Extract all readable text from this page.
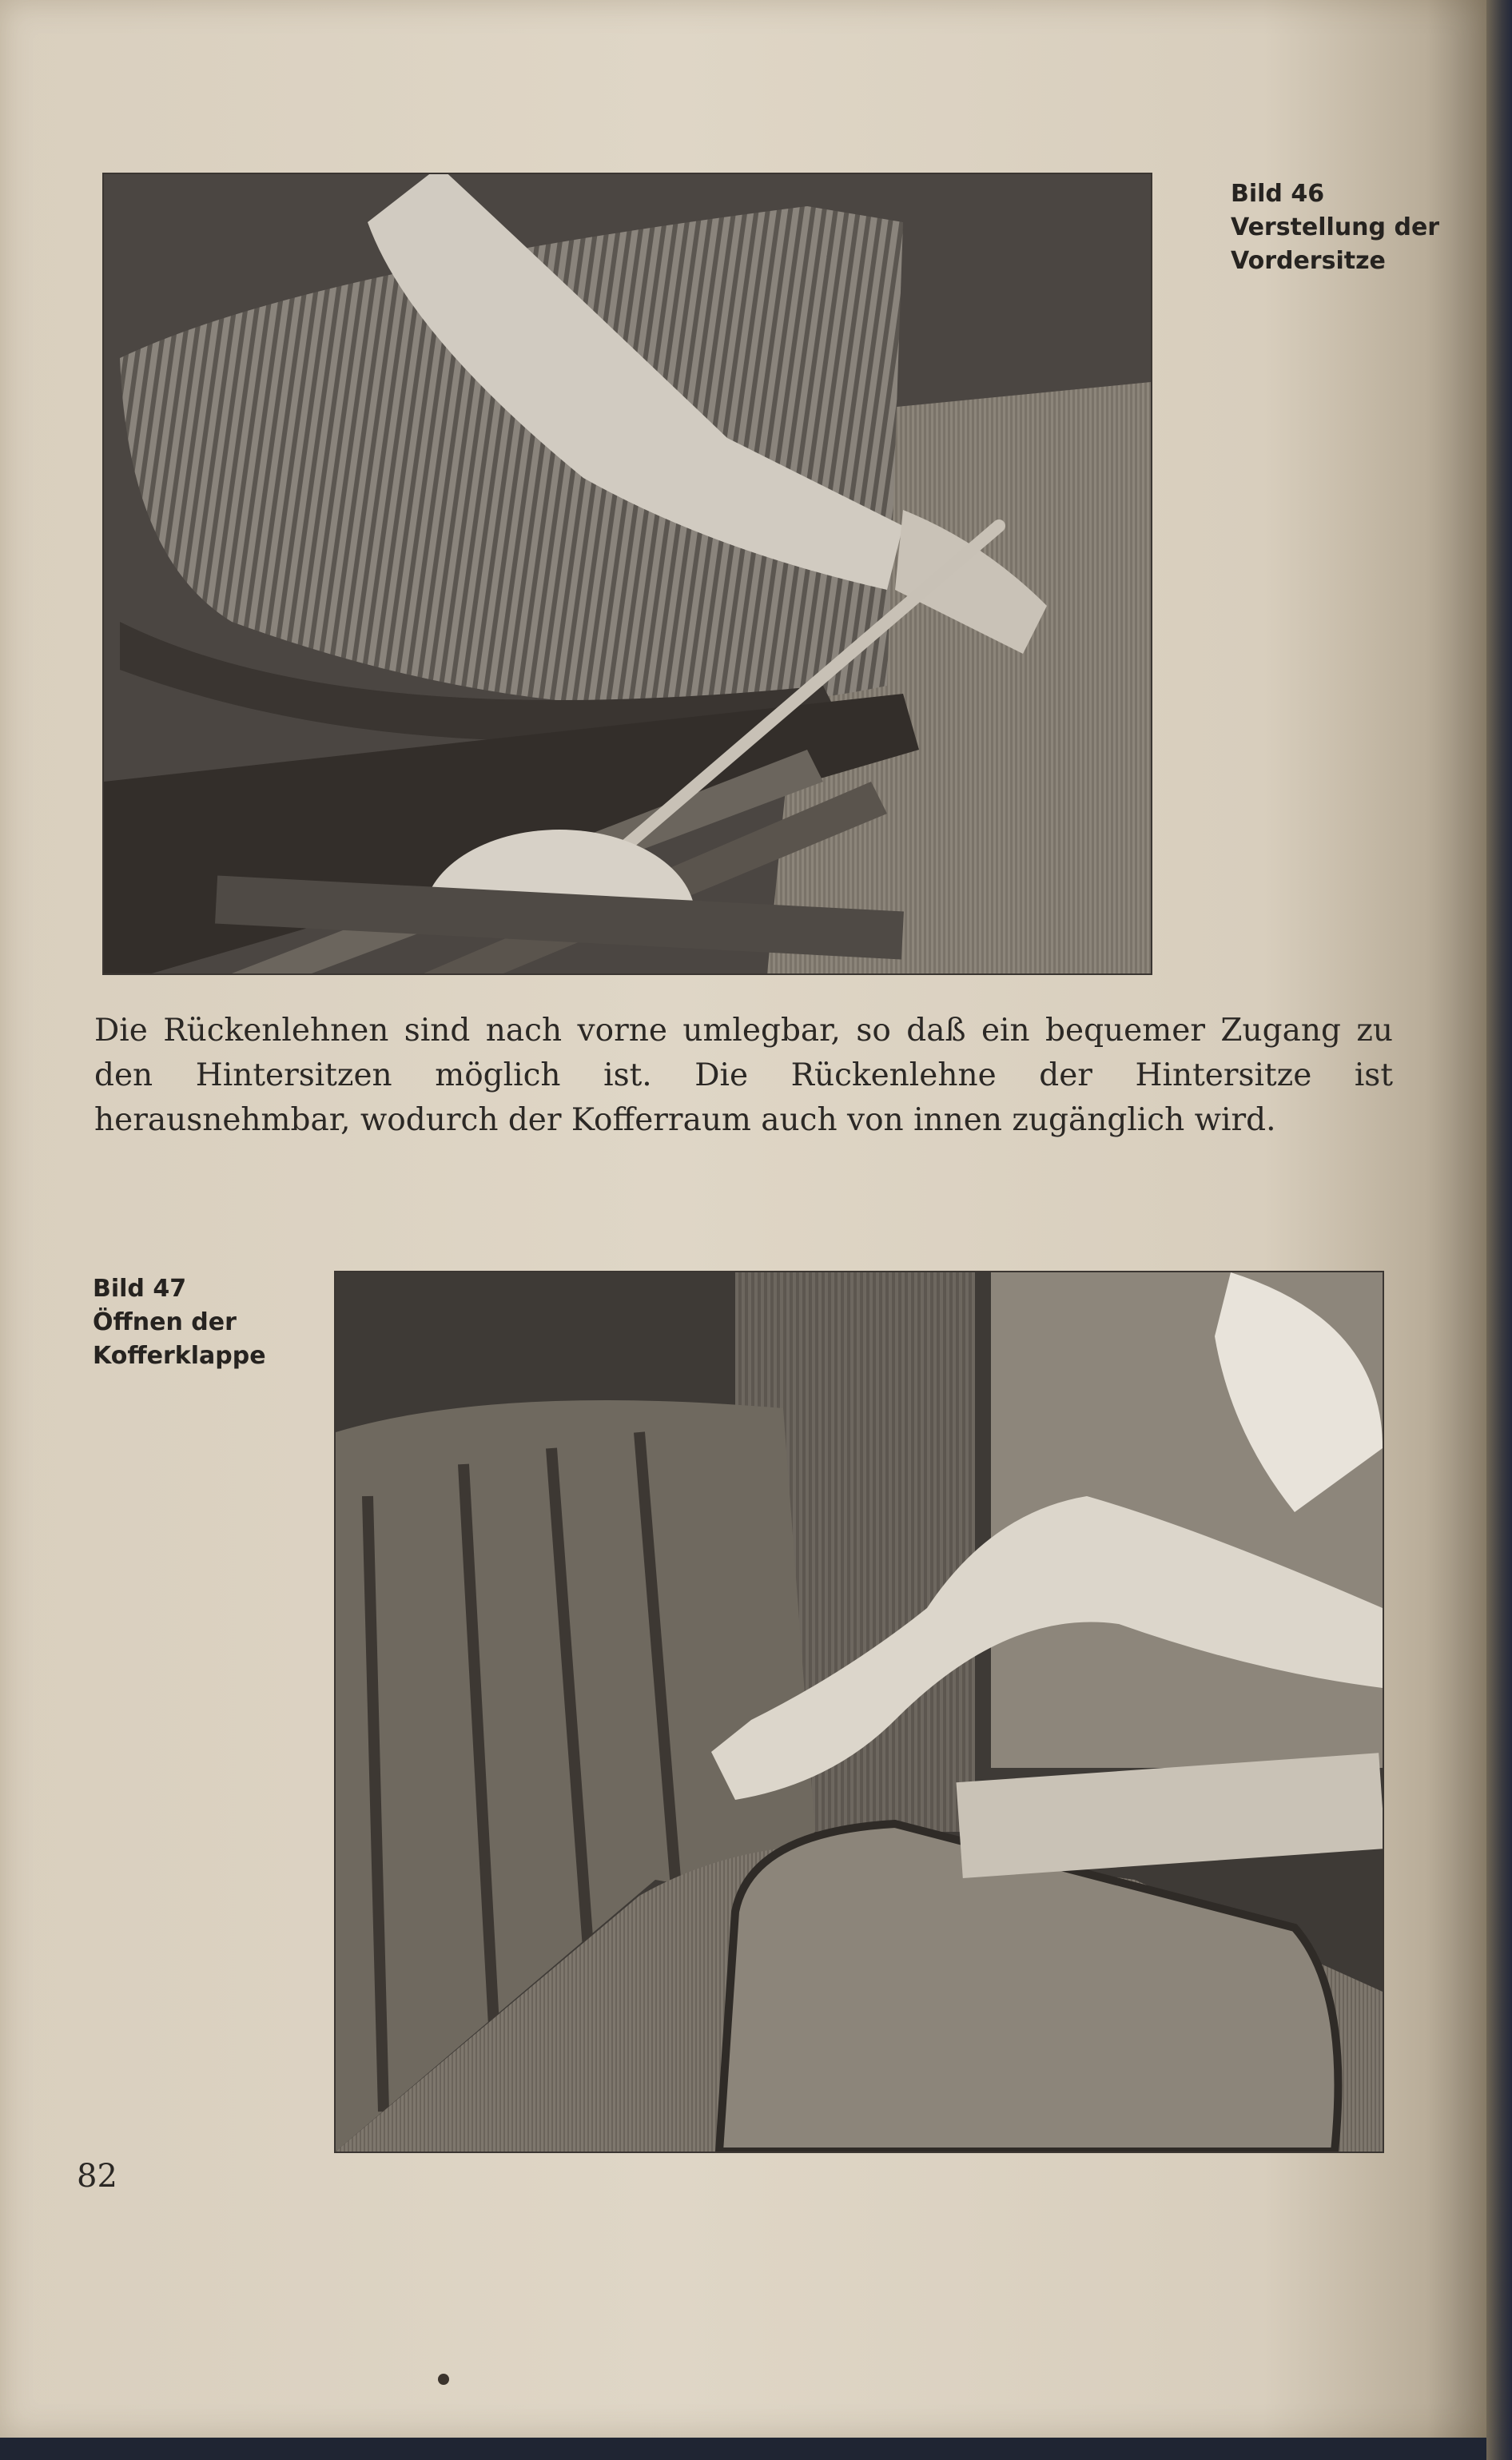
Bild 46
Verstellung der
Vordersitze

Die Rückenlehnen sind nach vorne umlegbar, so daß ein bequemer Zugang zu den Hintersitzen möglich ist. Die Rückenlehne der Hintersitze ist herausnehmbar, wodurch der Kofferraum auch von innen zugänglich wird.

Bild 47
Öffnen der
Kofferklappe
82
